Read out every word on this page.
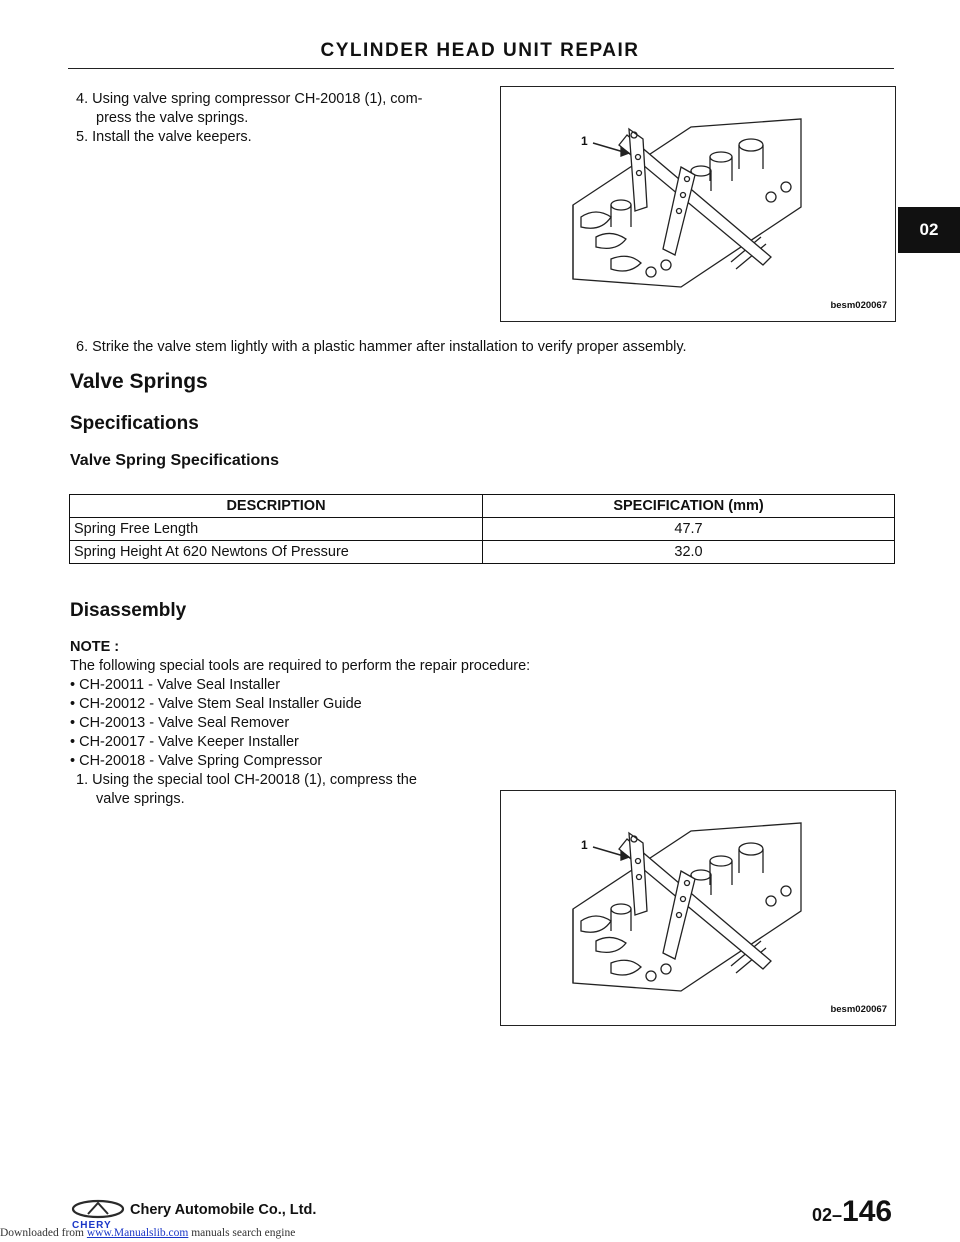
CYLINDER HEAD UNIT REPAIR
02
4. Using valve spring compressor CH-20018 (1), com-
press the valve springs.
5. Install the valve keepers.	1
besm020067
6. Strike the valve stem lightly with a plastic hammer after installation to verify proper assembly.
Valve Springs
Specifications
Valve Spring Specifications
DESCRIPTION	SPECIFICATION (mm)
Spring Free Length	47.7
Spring Height At 620 Newtons Of Pressure	32.0
Disassembly
NOTE :
The following special tools are required to perform the repair procedure:
• CH-20011 - Valve Seal Installer
• CH-20012 - Valve Stem Seal Installer Guide
• CH-20013 - Valve Seal Remover
• CH-20017 - Valve Keeper Installer
• CH-20018 - Valve Spring Compressor
1. Using the special tool CH-20018 (1), compress the
valve springs.
1
besm020067
CHERY
Chery Automobile Co., Ltd.	02–146
Downloaded from www.Manualslib.com manuals search engine
